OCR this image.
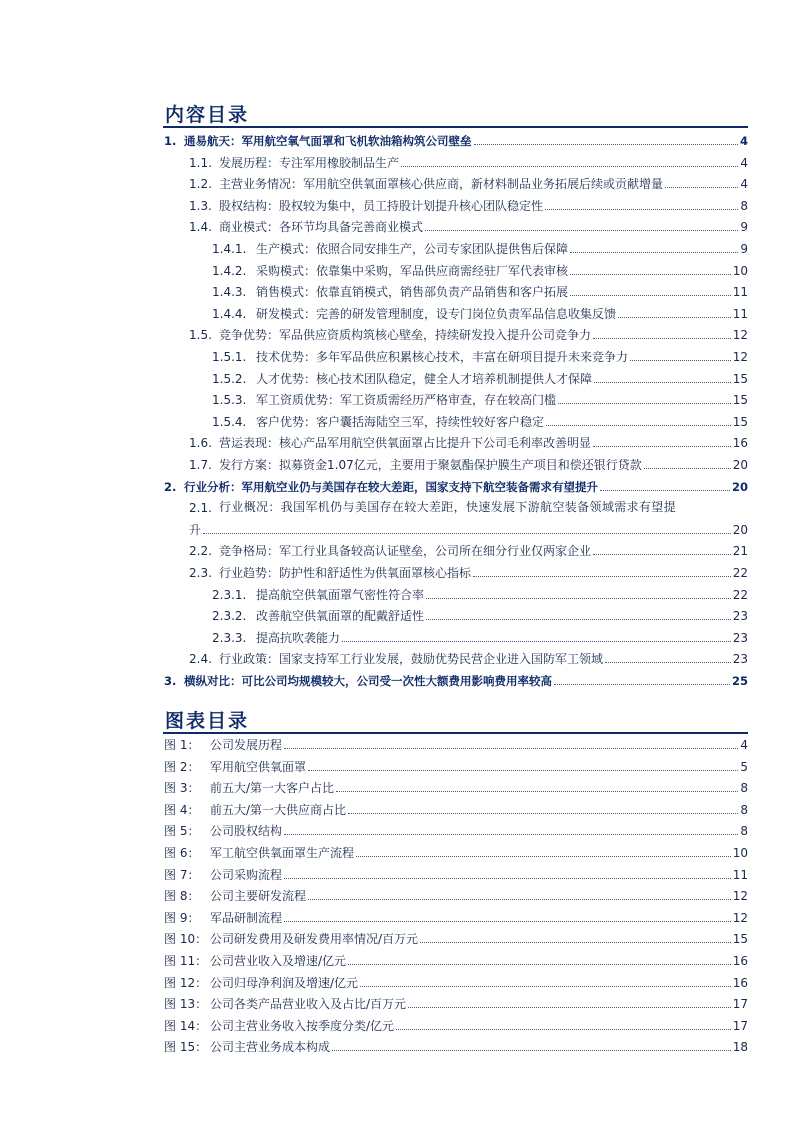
内容目录
1. 通易航天：军用航空氧气面罩和飞机软油箱构筑公司壁垒	4
1.1. 发展历程：专注军用橡胶制品生产	4
1.2. 主营业务情况：军用航空供氧面罩核心供应商，新材料制品业务拓展后续或贡献增量	4
1.3. 股权结构：股权较为集中，员工持股计划提升核心团队稳定性	8
1.4. 商业模式：各环节均具备完善商业模式	9
1.4.1. 生产模式：依照合同安排生产，公司专家团队提供售后保障	9
1.4.2. 采购模式：依靠集中采购，军品供应商需经驻厂军代表审核	10
1.4.3. 销售模式：依靠直销模式，销售部负责产品销售和客户拓展	11
1.4.4. 研发模式：完善的研发管理制度，设专门岗位负责军品信息收集反馈	11
1.5. 竞争优势：军品供应资质构筑核心壁垒，持续研发投入提升公司竞争力	12
1.5.1. 技术优势：多年军品供应积累核心技术，丰富在研项目提升未来竞争力	12
1.5.2. 人才优势：核心技术团队稳定，健全人才培养机制提供人才保障	15
1.5.3. 军工资质优势：军工资质需经历严格审查，存在较高门槛	15
1.5.4. 客户优势：客户囊括海陆空三军，持续性较好客户稳定	15
1.6. 营运表现：核心产品军用航空供氧面罩占比提升下公司毛利率改善明显	16
1.7. 发行方案：拟募资金1.07亿元，主要用于聚氨酯保护膜生产项目和偿还银行贷款	20
2. 行业分析：军用航空业仍与美国存在较大差距，国家支持下航空装备需求有望提升	20
2.1. 行业概况：我国军机仍与美国存在较大差距，快速发展下游航空装备领域需求有望提
升	20
2.2. 竞争格局：军工行业具备较高认证壁垒，公司所在细分行业仅两家企业	21
2.3. 行业趋势：防护性和舒适性为供氧面罩核心指标	22
2.3.1. 提高航空供氧面罩气密性符合率	22
2.3.2. 改善航空供氧面罩的配戴舒适性	23
2.3.3. 提高抗吹袭能力	23
2.4. 行业政策：国家支持军工行业发展，鼓励优势民营企业进入国防军工领域	23
3. 横纵对比：可比公司均规模较大，公司受一次性大额费用影响费用率较高	25
图表目录
图 1： 公司发展历程	4
图 2： 军用航空供氧面罩	5
图 3： 前五大/第一大客户占比	8
图 4： 前五大/第一大供应商占比	8
图 5： 公司股权结构	8
图 6： 军工航空供氧面罩生产流程	10
图 7： 公司采购流程	11
图 8： 公司主要研发流程	12
图 9： 军品研制流程	12
图 10： 公司研发费用及研发费用率情况/百万元	15
图 11： 公司营业收入及增速/亿元	16
图 12： 公司归母净利润及增速/亿元	16
图 13： 公司各类产品营业收入及占比/百万元	17
图 14： 公司主营业务收入按季度分类/亿元	17
图 15： 公司主营业务成本构成	18
